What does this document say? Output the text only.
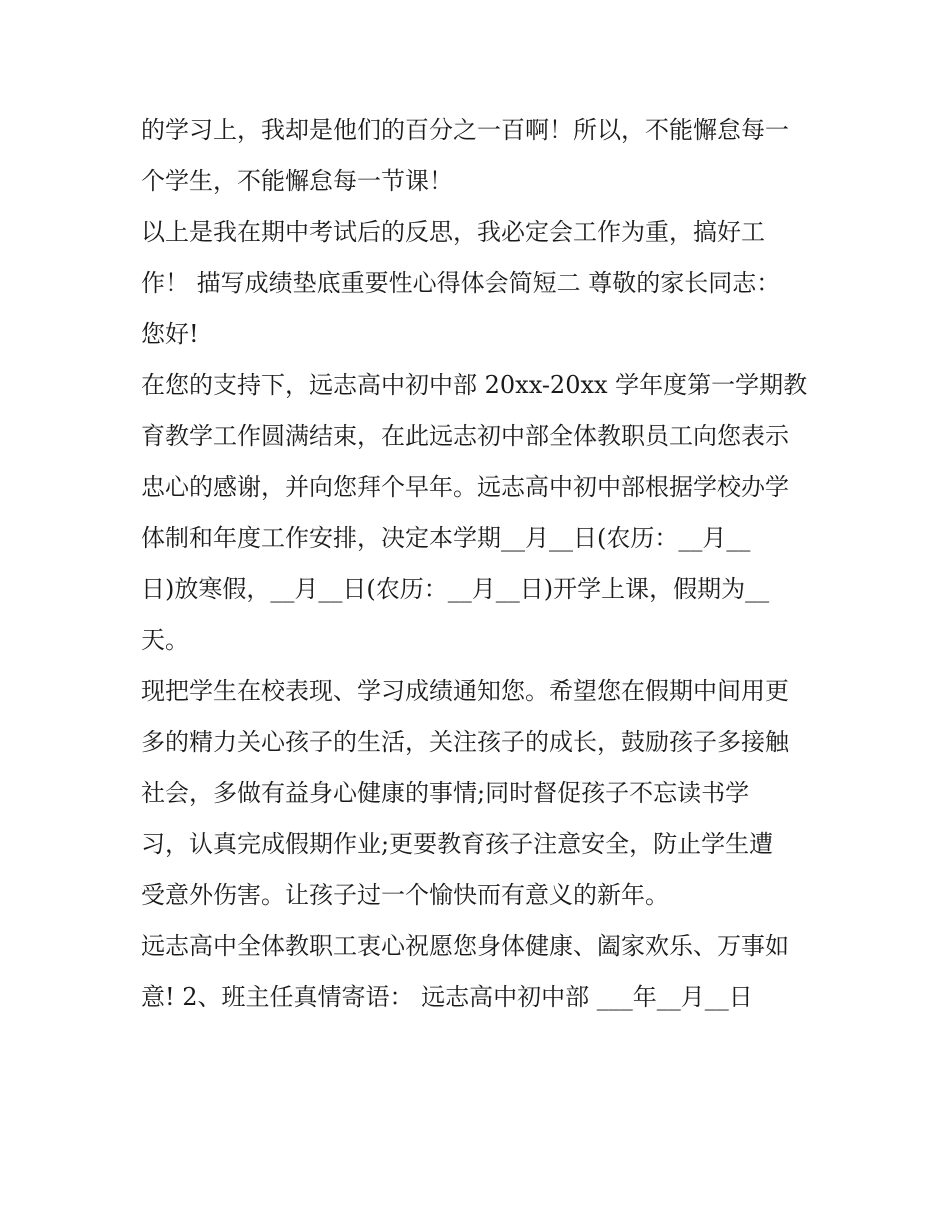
的学习上，我却是他们的百分之一百啊！所以，不能懈怠每一
个学生，不能懈怠每一节课！
以上是我在期中考试后的反思，我必定会工作为重，搞好工
作！ 描写成绩垫底重要性心得体会简短二 尊敬的家长同志：
您好!
在您的支持下，远志高中初中部 20xx-20xx 学年度第一学期教
育教学工作圆满结束，在此远志初中部全体教职员工向您表示
忠心的感谢，并向您拜个早年。远志高中初中部根据学校办学
体制和年度工作安排，决定本学期__月__日(农历：__月__
日)放寒假，__月__日(农历：__月__日)开学上课，假期为__
天。
现把学生在校表现、学习成绩通知您。希望您在假期中间用更
多的精力关心孩子的生活，关注孩子的成长，鼓励孩子多接触
社会，多做有益身心健康的事情;同时督促孩子不忘读书学
习，认真完成假期作业;更要教育孩子注意安全，防止学生遭
受意外伤害。让孩子过一个愉快而有意义的新年。
远志高中全体教职工衷心祝愿您身体健康、阖家欢乐、万事如
意! 2、班主任真情寄语： 远志高中初中部 ___年__月__日
